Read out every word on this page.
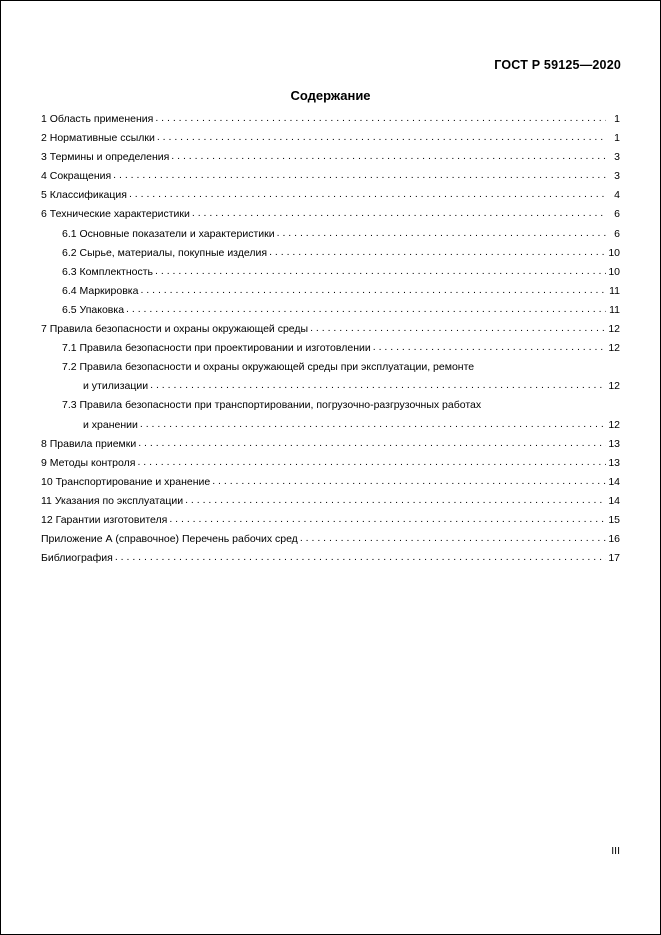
ГОСТ Р 59125—2020
Содержание
1 Область применения . . .	1
2 Нормативные ссылки . . .	1
3 Термины и определения . . .	3
4 Сокращения . . .	3
5 Классификация . . .	4
6 Технические характеристики . . .	6
6.1 Основные показатели и характеристики . . .	6
6.2 Сырье, материалы, покупные изделия . . .	10
6.3 Комплектность . . .	10
6.4 Маркировка . . .	11
6.5 Упаковка . . .	11
7 Правила безопасности и охраны окружающей среды . . .	12
7.1 Правила безопасности при проектировании и изготовлении . . .	12
7.2 Правила безопасности и охраны окружающей среды при эксплуатации, ремонте
и утилизации . . .	12
7.3 Правила безопасности при транспортировании, погрузочно-разгрузочных работах
и хранении . . .	12
8 Правила приемки . . .	13
9 Методы контроля . . .	13
10 Транспортирование и хранение . . .	14
11 Указания по эксплуатации . . .	14
12 Гарантии изготовителя . . .	15
Приложение А (справочное) Перечень рабочих сред . . .	16
Библиография . . .	17
III
